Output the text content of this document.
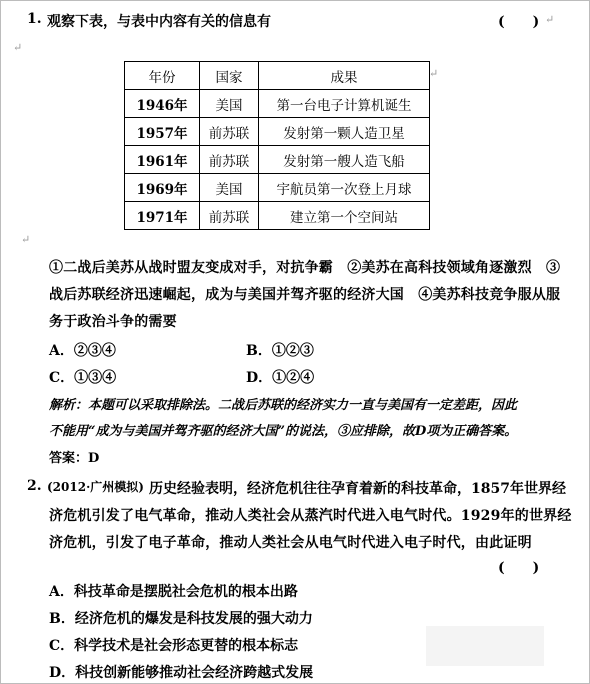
1. 观察下表，与表中内容有关的信息有	(　　) ↵
↵
年份	国家	成果
1946年	美国	第一台电子计算机诞生
1957年	前苏联	发射第一颗人造卫星
1961年	前苏联	发射第一艘人造飞船
1969年	美国	宇航员第一次登上月球
1971年	前苏联	建立第一个空间站
↵
↵
①二战后美苏从战时盟友变成对手，对抗争霸　②美苏在高科技领域角逐激烈　③
战后苏联经济迅速崛起，成为与美国并驾齐驱的经济大国　④美苏科技竞争服从服
务于政治斗争的需要
A．②③④	B．①②③
C．①③④	D．①②④
解析：本题可以采取排除法。二战后苏联的经济实力一直与美国有一定差距，因此
不能用“成为与美国并驾齐驱的经济大国”的说法，③应排除，故D项为正确答案。
答案：D
2. (2012·广州模拟) 历史经验表明，经济危机往往孕育着新的科技革命，1857年世界经
济危机引发了电气革命，推动人类社会从蒸汽时代进入电气时代。1929年的世界经
济危机，引发了电子革命，推动人类社会从电气时代进入电子时代，由此证明
(　　)
A．科技革命是摆脱社会危机的根本出路
B．经济危机的爆发是科技发展的强大动力
C．科学技术是社会形态更替的根本标志
D．科技创新能够推动社会经济跨越式发展
